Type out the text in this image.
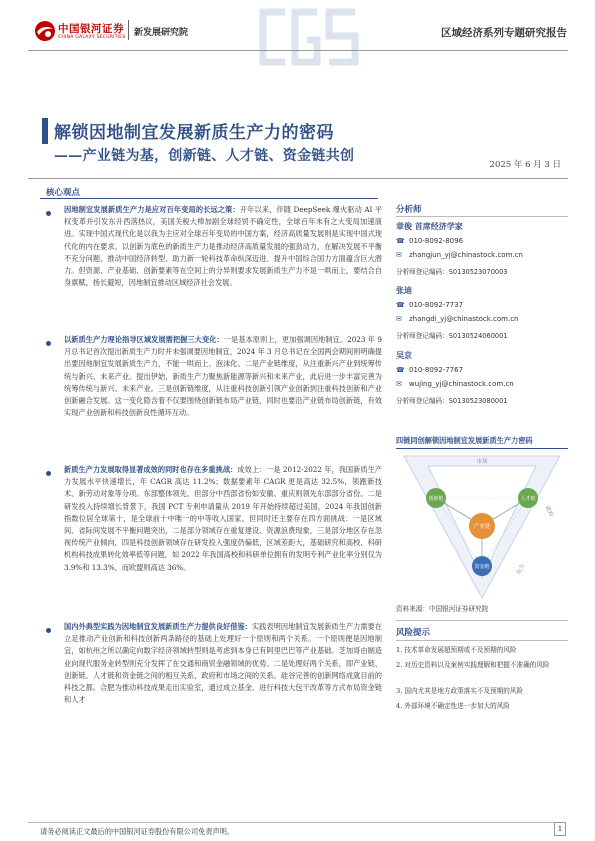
中国银河证券
CHINA GALAXY SECURITIES 新发展研究院	区域经济系列专题研究报告
解锁因地制宜发展新质生产力的密码
——产业链为基，创新链、人才链、资金链共创
2025 年 6 月 3 日
核心观点
因地制宜发展新质生产力是应对百年变局的长远之策：开年以来，伴随 DeepSeek 爆火驱动 AI 平权变革并引发东升西落热议，美国关税大棒加剧全球经贸不确定性，全球百年未有之大变局加速演进。实现中国式现代化是以我为主应对全球百年变局的中国方案，经济高质量发展则是实现中国式现代化的内在要求。以创新为底色的新质生产力是推动经济高质量发展的强劲动力，在解决发展不平衡不充分问题、推动中国经济转型、助力新一轮科技革命纵深迈进、提升中国综合国力方面蕴含巨大潜力。但资源、产业基础、创新要素等在空间上的分异则要求发展新质生产力不是一哄而上，要结合自身禀赋，扬长避短，因地制宜推动区域经济社会发展。
以新质生产力理论指导区域发展需把握三大变化：一是基本原则上，更加强调因地制宜。2023 年 9 月总书记首次提出新质生产力时并未强调要因地制宜，2024 年 3 月总书记在全国两会期间则明确提出要因地制宜发展新质生产力，不能一哄而上、泡沫化。二是产业链维度，从注重新兴产业到统筹传统与新兴、未来产业。提出伊始，新质生产力聚焦新能源等新兴和未来产业，此后进一步丰富完善为统筹传统与新兴、未来产业。三是创新链维度，从注重科技创新引领产业创新到注重科技创新和产业创新融合发展。这一变化隐含着不仅要围绕创新链布局产业链，同时也要沿产业链布局创新链，有效实现产业创新和科技创新良性循环互动。
新质生产力发展取得显著成效的同时也存在多重挑战：成效上：一是 2012-2022 年，我国新质生产力发展水平快速增长，年 CAGR 高达 11.2%；数据要素年 CAGR 更是高达 32.5%，领跑新技术、新劳动对象等分项。东部整体领先，但部分中西部省份如安徽、重庆则领先东部部分省份。二是研发投入持续增长背景下，我国 PCT 专利申请量从 2019 年开始持续超过美国，2024 年我国创新指数位居全球第十，是全球前十中唯一的中等收入国家。但同时还主要存在四方面挑战：一是区域间、省际间发展不平衡问题突出，二是部分领域存在重复建设、资源浪费现象，三是部分地区存在忽视传统产业倾向，四是科技创新领域存在研发投入强度仍偏低，区域差距大，基础研究和高校、科研机构科技成果转化效率低等问题，如 2022 年我国高校和科研单位拥有的发明专利产业化率分别仅为 3.9%和 13.3%，而欧盟则高达 36%。
国内外典型实践为因地制宜发展新质生产力提供良好借鉴：实践表明因地制宜发展新质生产力需要在立足推动产业创新和科技创新两条路径的基础上处理好一个原则和两个关系。一个原则便是因地制宜，如杭州之所以确定向数字经济领域转型则是考虑到本身已有阿里巴巴等产业基础。芝加哥由制造业向现代服务业转型则充分发挥了在交通和商贸金融领域的优势。二是处理好两个关系，即产业链、创新链、人才链和资金链之间的相互关系，政府和市场之间的关系。硅谷完善的创新网络成就目前的科技之都。合肥为推动科技成果走出实验室，通过成立基金、进行科技大包干改革等方式布局资金链和人才
分析师
章俊 首席经济学家
☎ 010-8092-8096
✉ zhangjun_yj@chinastock.com.cn
分析师登记编码：S0130523070003
张迪
☎ 010-8092-7737
✉ zhangdi_yj@chinastock.com.cn
分析师登记编码：S0130524060001
吴京
☎ 010-8092-7767
✉ wujing_yj@chinastock.com.cn
分析师登记编码：S0130523080001
四链同创解锁因地制宜发展新质生产力密码
市场
政府
有为
创新链	人才链
产业链
资金链
资料来源：中国银河证券研究院
风险提示
1. 技术革命发展超预期或不及预期的风险
2. 对历史资料以及案例实践理解和把握不准确的风险
3. 国内尤其是地方政策落实不及预期的风险
4. 外部环境不确定性进一步加大的风险
请务必阅读正文最后的中国银河证券股份有限公司免责声明。	1
